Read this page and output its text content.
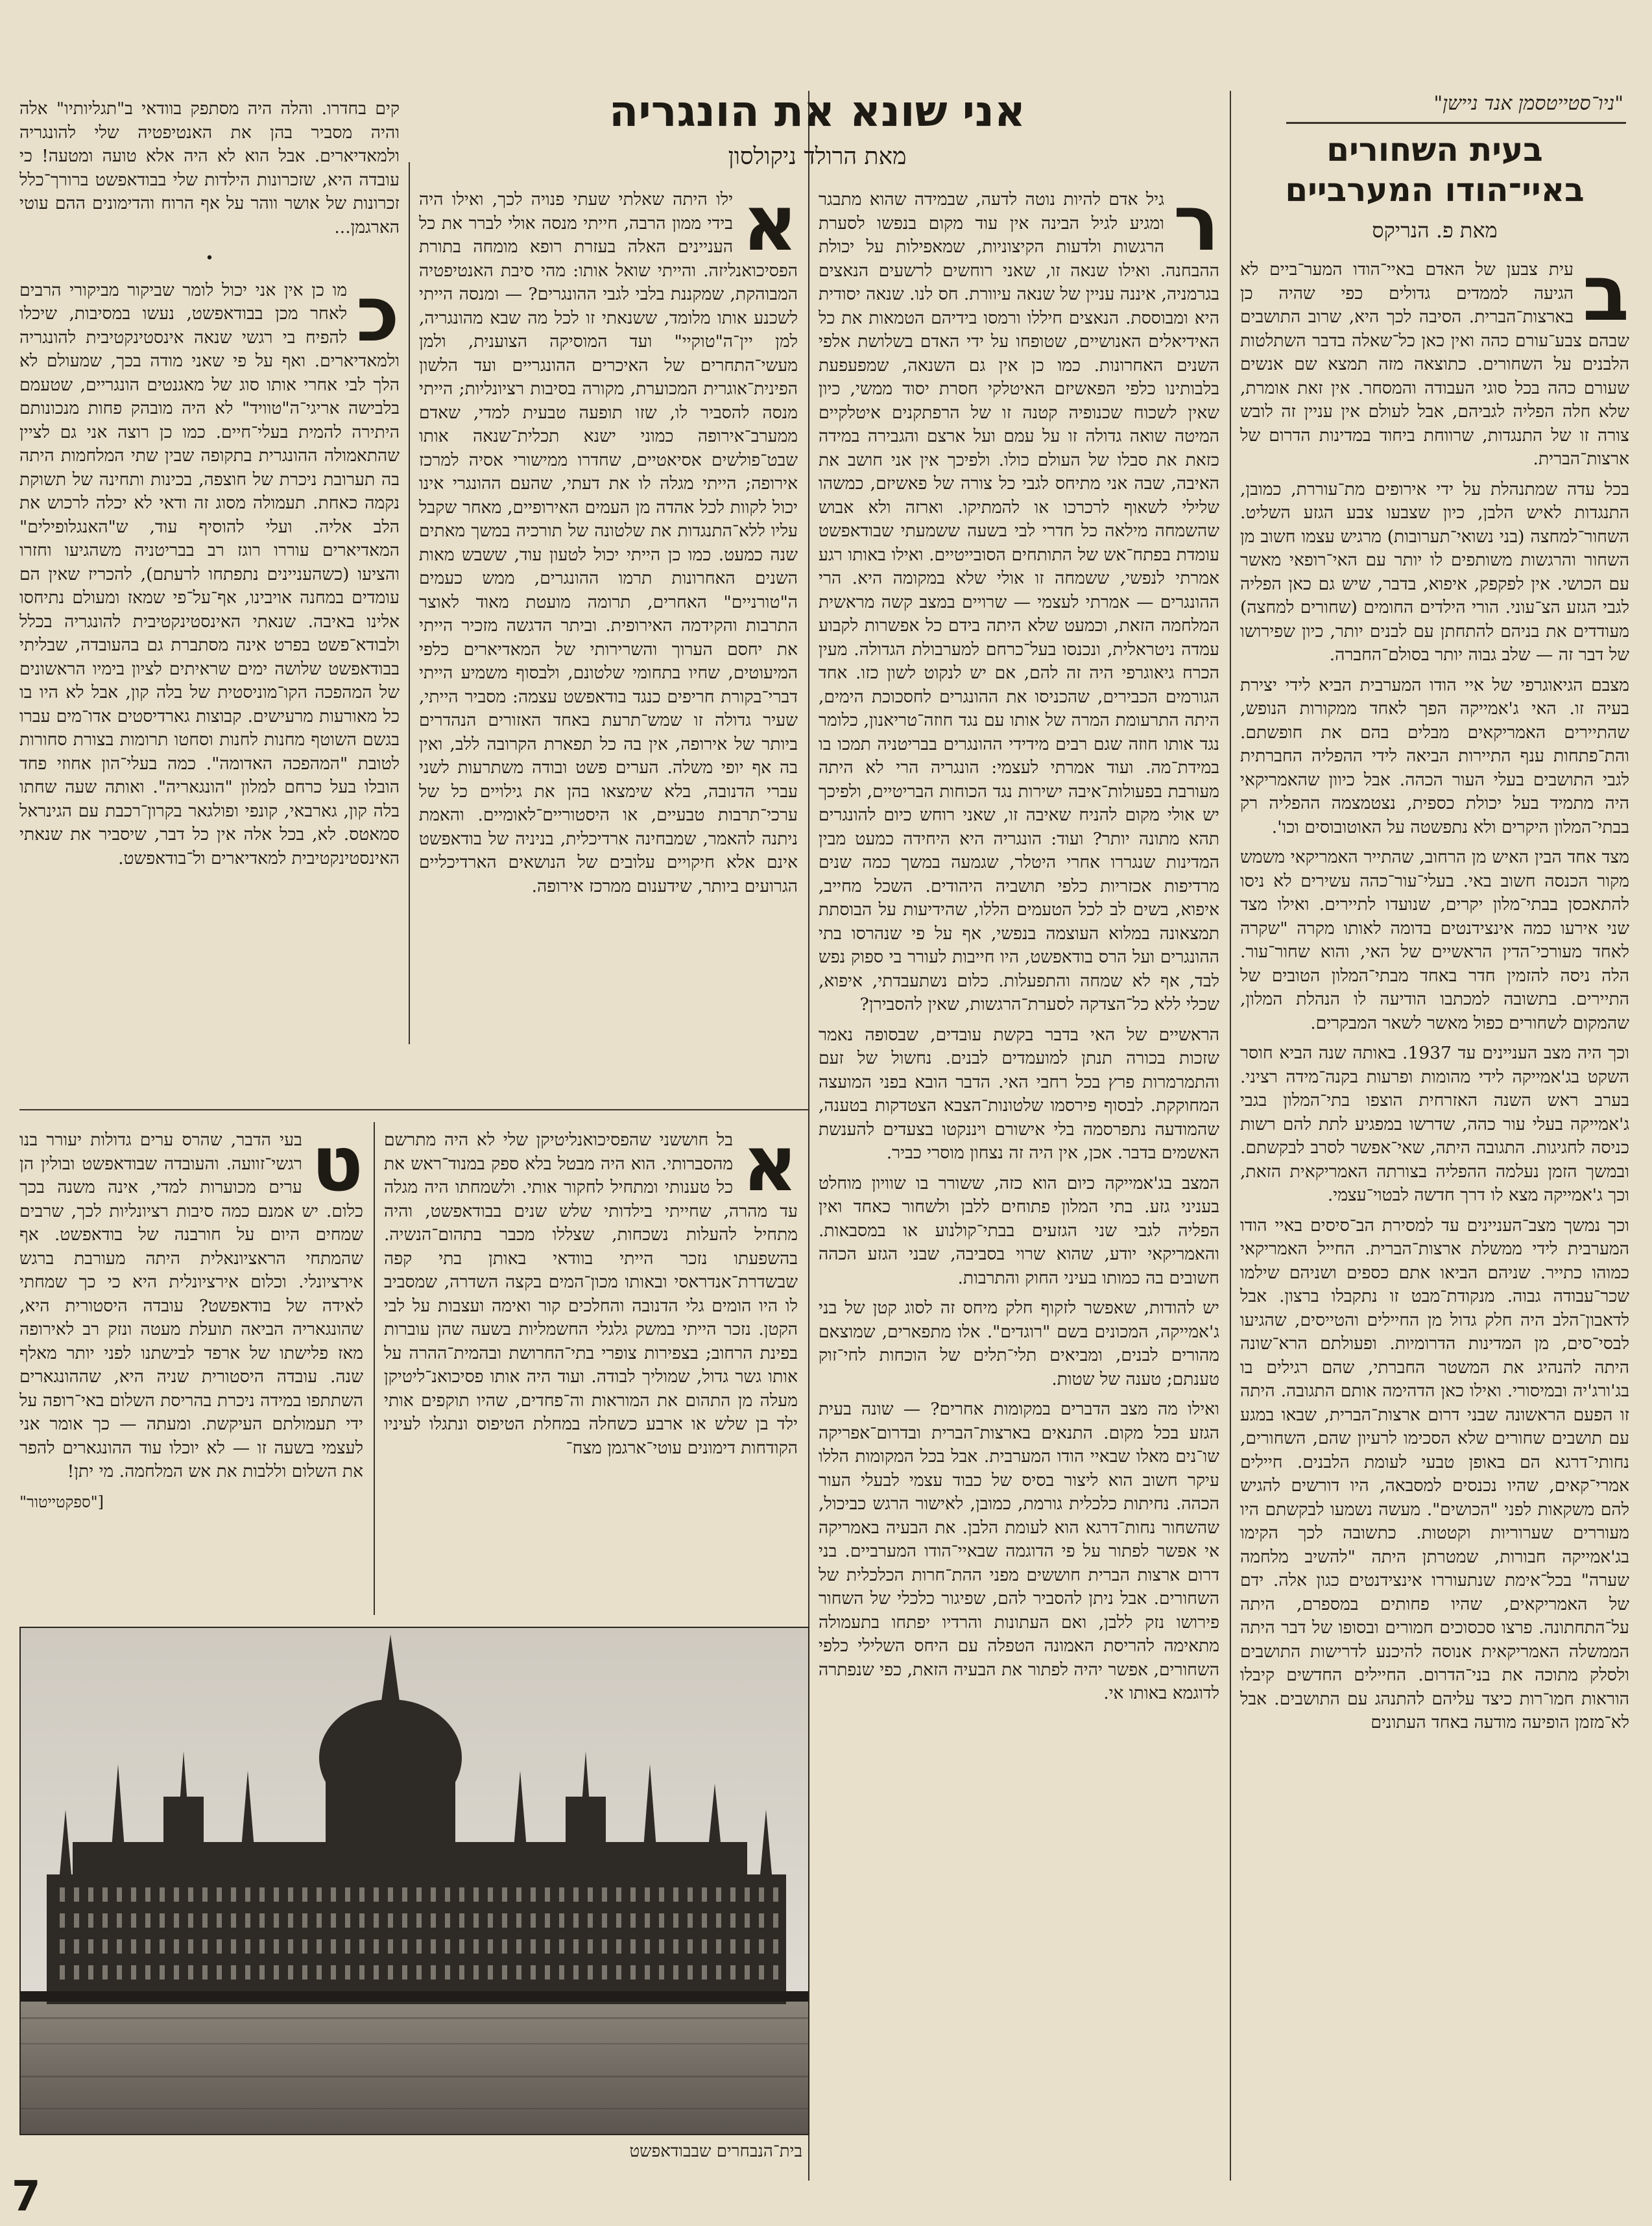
"ניו־סטייטסמן אנד ניישן"
בעית השחורים
באיי־הודו המערביים

מאת פ. הנריקס

ב

עית צבען של האדם באיי־הודו המער־ביים לא הגיעה לממדים גדולים כפי שהיה כן בארצות־הברית. הסיבה לכך היא, שרוב התושבים שבהם צבע־עורם כהה ואין כאן כל־שאלה בדבר השתלטות הלבנים על השחורים. כתוצאה מזה תמצא שם אנשים שעורם כהה בכל סוגי העבודה והמסחר. אין זאת אומרת, שלא חלה הפליה לגביהם, אבל לעולם אין עניין זה לובש צורה זו של התנגדות, שרווחת ביחוד במדינות הדרום של ארצות־הברית.

בכל עדה שמתנהלת על ידי אירופים מת־עוררת, כמובן, התנגדות לאיש הלבן, כיון שצבעו צבע הגזע השליט. השחור־למחצה (בני נשואי־תערובות) מרגיש עצמו חשוב מן השחור והרגשות משותפים לו יותר עם האי־רופאי מאשר עם הכושי. אין לפקפק, איפוא, בדבר, שיש גם כאן הפליה לגבי הגזע הצ־עוני. הורי הילדים החומים (שחורים למחצה) מעודדים את בניהם להתחתן עם לבנים יותר, כיון שפירושו של דבר זה — שלב גבוה יותר בסולם־החברה.

מצבם הגיאוגרפי של איי הודו המערבית הביא לידי יצירת בעיה זו. האי ג'אמייקה הפך לאחד ממקורות הנופש, שהתיירים האמריקאים מבלים בהם את חופשתם. והת־פתחות ענף התיירות הביאה לידי ההפליה החברתית לגבי התושבים בעלי העור הכהה. אבל כיוון שהאמריקאי היה מתמיד בעל יכולת כספית, נצטמצמה ההפליה רק בבתי־המלון היקרים ולא נתפשטה על האוטובוסים וכו'.

מצד אחד הבין האיש מן הרחוב, שהתייר האמריקאי משמש מקור הכנסה חשוב באי. בעלי־עור־כהה עשירים לא ניסו להתאכסן בבתי־מלון יקרים, שנועדו לתיירים. ואילו מצד שני אירעו כמה אינצידנטים בדומה לאותו מקרה "שקרה לאחד מעורכי־הדין הראשיים של האי, והוא שחור־עור. הלה ניסה להזמין חדר באחד מבתי־המלון הטובים של התיירים. בתשובה למכתבו הודיעה לו הנהלת המלון, שהמקום לשחורים כפול מאשר לשאר המבקרים.

וכך היה מצב העניינים עד 1937. באותה שנה הביא חוסר השקט בג'אמייקה לידי מהומות ופרעות בקנה־מידה רציני. בערב ראש השנה האזרחית הוצפו בתי־המלון בגבי ג'אמייקה בעלי עור כהה, שדרשו במפגיע לתת להם רשות כניסה לחגיגות. התגובה היתה, שאי־אפשר לסרב לבקשתם. ובמשך הזמן נעלמה ההפליה בצורתה האמריקאית הזאת, וכך ג'אמייקה מצא לו דרך חדשה לבטוי־עצמי.

וכך נמשך מצב־העניינים עד למסירת הב־סיסים באיי הודו המערבית לידי ממשלת ארצות־הברית. החייל האמריקאי כמוהו כתייר. שניהם הביאו אתם כספים ושניהם שילמו שכר־עבודה גבוה. מנקודת־מבט זו נתקבלו ברצון. אבל לדאבון־הלב היה חלק גדול מן החיילים והטייסים, שהגיעו לבסי־סים, מן המדינות הדרומיות. ופעולתם הרא־שונה היתה להנהיג את המשטר החברתי, שהם רגילים בו בג'ורג'יה ובמיסורי. ואילו כאן הדהימה אותם התגובה. היתה זו הפעם הראשונה שבני דרום ארצות־הברית, שבאו במגע עם תושבים שחורים שלא הסכימו לרעיון שהם, השחורים, נחותי־דרגא הם באופן טבעי לעומת הלבנים. חיילים אמרי־קאים, שהיו נכנסים למסבאה, היו דורשים להגיש להם משקאות לפני "הכושים". מעשה נשמעו לבקשתם היו מעוררים שערוריות וקטטות. כתשובה לכך הקימו בג'אמייקה חבורות, שמטרתן היתה "להשיב מלחמה שערה" בכל־אימת שנתעוררו אינצידנטים כגון אלה. ידם של האמריקאים, שהיו פחותים במספרם, היתה על־התחתונה. פרצו סכסוכים חמורים ובסופו של דבר היתה הממשלה האמריקאית אנוסה להיכנע לדרישות התושבים ולסלק מתוכה את בני־הדרום. החיילים החדשים קיבלו הוראות חמו־רות כיצד עליהם להתנהג עם התושבים. אבל לא־מזמן הופיעה מודעה באחד העתונים

אני שונא את הונגריה

מאת הרולד ניקולסון

ר

גיל אדם להיות נוטה לדעה, שבמידה שהוא מתבגר ומגיע לגיל הבינה אין עוד מקום בנפשו לסערת הרגשות ולדעות הקיצוניות, שמאפילות על יכולת ההבחנה. ואילו שנאה זו, שאני רוחשים לרשעים הנאצים בגרמניה, איננה עניין של שנאה עיוורת. חס לנו. שנאה יסודית היא ומבוססת. הנאצים חיללו ורמסו בידיהם הטמאות את כל האידיאלים האנושיים, שטופחו על ידי האדם בשלושת אלפי השנים האחרונות. כמו כן אין גם השנאה, שמפעפעת בלבותינו כלפי הפאשיזם האיטלקי חסרת יסוד ממשי, כיון שאין לשכוח שכנופיה קטנה זו של הרפתקנים איטלקיים המיטה שואה גדולה זו על עמם ועל ארצם והגבירה במידה כזאת את סבלו של העולם כולו. ולפיכך אין אני חושב את האיבה, שבה אני מתיחס לגבי כל צורה של פאשיזם, כמשהו שלילי לשאוף לרכרכו או להמתיקו. וארזה ולא אבוש שהשמחה מילאה כל חדרי לבי בשעה ששמעתי שבודאפשט עומדת בפתח־אש של התותחים הסובייטיים. ואילו באותו רגע אמרתי לנפשי, ששמחה זו אולי שלא במקומה היא. הרי ההונגרים — אמרתי לעצמי — שרויים במצב קשה מראשית המלחמה הזאת, וכמעט שלא היתה בידם כל אפשרות לקבוע עמדה ניטראלית, ונכנסו בעל־כרחם למערבולת הגדולה. מעין הכרח גיאוגרפי היה זה להם, אם יש לנקוט לשון כזו. אחד הגורמים הכבירים, שהכניסו את ההונגרים לחסכוכת הימים, היתה התרעומת המרה של אותו עם נגד חוזה־טריאנון, כלומר נגד אותו חוזה שגם רבים מידידי ההונגרים בבריטניה תמכו בו במידת־מה. ועוד אמרתי לעצמי: הונגריה הרי לא היתה מעורבת בפעולות־איבה ישירות נגד הכוחות הבריטיים, ולפיכך יש אולי מקום להניח שאיבה זו, שאני רוחש כיום להונגרים תהא מתונה יותר? ועוד: הונגריה היא היחידה כמעט מבין המדינות שנגררו אחרי היטלר, שגמעה במשך כמה שנים מרדיפות אכזריות כלפי תושביה היהודים. השכל מחייב, איפוא, בשים לב לכל הטעמים הללו, שהידיעות על הבוסתת תמצאונה במלוא העוצמה בנפשי, אף על פי שנהרסו בתי ההונגרים ועל הרס בודאפשט, היו חייבות לעורר בי ספוק נפש לבד, אף לא שמחה והתפעלות. כלום נשתעבדתי, איפוא, שכלי ללא כל־הצדקה לסערת־הרגשות, שאין להסבירן?

הראשיים של האי בדבר בקשת עובדים, שבסופה נאמר שזכות בכורה תנתן למועמדים לבנים. נחשול של זעם והתמרמרות פרץ בכל רחבי האי. הדבר הובא בפני המועצה המחוקקת. לבסוף פירסמו שלטונות־הצבא הצטדקות בטענה, שהמודעה נתפרסמה בלי אישורם ויננקטו בצעדים להענשת האשמים בדבר. אכן, אין היה זה נצחון מוסרי כביר.

המצב בג'אמייקה כיום הוא כזה, ששורר בו שוויון מוחלט בעניני גזע. בתי המלון פתוחים ללבן ולשחור כאחד ואין הפליה לגבי שני הגזעים בבתי־קולנוע או במסבאות. והאמריקאי יודע, שהוא שרוי בסביבה, שבני הגזע הכהה חשובים בה כמותו בעיני החוק והתרבות.

יש להודות, שאפשר לזקוף חלק מיחס זה לסוג קטן של בני ג'אמייקה, המכונים בשם "רוגדים". אלו מתפארים, שמוצאם מהורים לבנים, ומביאים תלי־תלים של הוכחות לחי־זוק טענתם; טענה של שטות.

ואילו מה מצב הדברים במקומות אחרים? — שונה בעית הגזע בכל מקום. התנאים בארצות־הברית ובדרום־אפריקה שו־נים מאלו שבאיי הודו המערבית. אבל בכל המקומות הללו עיקר חשוב הוא ליצור בסיס של כבוד עצמי לבעלי העור הכהה. נחיתות כלכלית גורמת, כמובן, לאישור הרגש כביכול, שהשחור נחות־דרגא הוא לעומת הלבן. את הבעיה באמריקה אי אפשר לפתור על פי הדוגמה שבאיי־הודו המערביים. בני דרום ארצות הברית חוששים מפני ההת־חרות הכלכלית של השחורים. אבל ניתן להסביר להם, שפיגור כלכלי של השחור פירושו נזק ללבן, ואם העתונות והרדיו יפתחו בתעמולה מתאימה להריסת האמונה הטפלה עם היחס השלילי כלפי השחורים, אפשר יהיה לפתור את הבעיה הזאת, כפי שנפתרה לדוגמא באותו אי.

א

ילו היתה שאלתי שעתי פנויה לכך, ואילו היה בידי ממון הרבה, חייתי מנסה אולי לברר את כל העניינים האלה בעזרת רופא מומחה בתורת הפסיכואנליזה. והייתי שואל אותו: מהי סיבת האנטיפטיה המבוהקת, שמקננת בלבי לגבי ההונגרים? — ומנסה הייתי לשכנע אותו מלומד, ששנאתי זו לכל מה שבא מהונגריה, למן יין־ה"טוקיי" ועד המוסיקה הצוענית, ולמן מעשי־התחרים של האיכרים ההונגריים ועד הלשון הפינית־אוגרית המכוערת, מקורה בסיבות רציונליות; הייתי מנסה להסביר לו, שזו תופעה טבעית למדי, שאדם ממערב־אירופה כמוני ישנא תכלית־שנאה אותו שבט־פולשים אסיאטיים, שחדרו ממישורי אסיה למרכז אירופה; הייתי מגלה לו את דעתי, שהעם ההונגרי אינו יכול לקוות לכל אהדה מן העמים האירופיים, מאחר שקבל עליו ללא־התנגדות את שלטונה של תורכיה במשך מאתים שנה כמעט. כמו כן הייתי יכול לטעון עוד, ששבש מאות השנים האחרונות תרמו ההונגרים, ממש כעמים ה"טורניים" האחרים, תרומה מועטת מאוד לאוצר התרבות והקידמה האירופית. וביתר הדגשה מזכיר הייתי את יחסם הערוך והשרירותי של המאדיארים כלפי המיעוטים, שחיו בתחומי שלטונם, ולבסוף משמיע הייתי דברי־בקורת חריפים כנגד בודאפשט עצמה: מסביר הייתי, שעיר גדולה זו שמש־תרעת באחד האזורים הנהדרים ביותר של אירופה, אין בה כל תפארת הקרובה ללב, ואין בה אף יופי משלה. הערים פשט ובודה משתרעות לשני עברי הדנובה, בלא שימצאו בהן את גילויים כל של ערכי־תרבות טבעיים, או היסטוריים־לאומיים. והאמת ניתנה להאמר, שמבחינה ארדיכלית, בניניה של בודאפשט אינם אלא חיקויים עלובים של הנושאים הארדיכליים הגרועים ביותר, שידענום ממרכז אירופה.

קים בחדרו. והלה היה מסתפק בוודאי ב"תגליותיו" אלה והיה מסביר בהן את האנטיפטיה שלי להונגריה ולמאדיארים. אבל הוא לא היה אלא טועה ומטעה! כי עובדה היא, שזכרונות הילדות שלי בבודאפשט ברורך־כלל זכרונות של אושר ווהר על אף הרוח והדימונים ההם עוטי הארגמן...

•
כ

מו כן אין אני יכול לומר שביקור מביקורי הרבים לאחר מכן בבודאפשט, נעשו במסיבות, שיכלו להפיח בי רגשי שנאה אינסטינקטיבית להונגריה ולמאדיארים. ואף על פי שאני מודה בכך, שמעולם לא הלך לבי אחרי אותו סוג של מאגנטים הונגריים, שטעמם בלבישה אריגי־ה"טוויד" לא היה מובהק פחות מנכונותם היתירה להמית בעלי־חיים. כמו כן רוצה אני גם לציין שהתאמולה ההונגרית בתקופה שבין שתי המלחמות היתה בה תערובת ניכרת של חוצפה, בכינות ותחינה של תשוקת נקמה כאחת. תעמולה מסוג זה ודאי לא יכלה לרכוש את הלב אליה. ועלי להוסיף עוד, ש"האנגלופילים" המאדיארים עוררו רוגז רב בבריטניה משהגיעו וחזרו והציעו (כשהעניינים נתפתחו לרעתם), להכריז שאין הם עומדים במחנה אויבינו, אף־על־פי שמאז ומעולם נתיחסו אלינו באיבה. שנאתי האינסטינקטיבית להונגריה בכלל ולבודא־פשט בפרט אינה מסתברת גם בהעובדה, שבליתי בבודאפשט שלושה ימים שראיתים לציון בימיו הראשונים של המהפכה הקו־מוניסטית של בלה קון, אבל לא היו בו כל מאורעות מרעישים. קבוצות גארדיסטים אדו־מים עברו בגשם השוטף מחנות לחנות וסחטו תרומות בצורת סחורות לטובת "המהפכה האדומה". כמה בעלי־הון אחוזי פחד הובלו בעל כרחם למלון "הונגאריה". ואותה שעה שחתו בלה קון, גארבאי, קונפי ופולגאר בקרון־רכבת עם הגינראל סמאטס. לא, בכל אלה אין כל דבר, שיסביר את שנאתי האינסטינקטיבית למאדיארים ול־בודאפשט.

א

בל חוששני שהפסיכואנליטיקן שלי לא היה מתרשם מהסברותי. הוא היה מבטל בלא ספק במנוד־ראש את כל טענותי ומתחיל לחקור אותי. ולשמחתו היה מגלה עד מהרה, שחייתי בילדותי שלש שנים בבודאפשט, והיה מתחיל להעלות נשכחות, שצללו מכבר בתהום־הנשיה. בהשפעתו נזכר הייתי בוודאי באותן בתי קפה שבשדרת־אנדראסי ובאותו מכון־המים בקצה השדרה, שמסביב לו היו הומים גלי הדנובה והחלכים קור ואימה ועצבות על לבי הקטן. נזכר הייתי במשק גלגלי החשמליות בשעה שהן עוברות בפינת הרחוב; בצפירות צופרי בתי־החרושת ובהמית־ההרה על אותו גשר גדול, שמוליך לבודה. ועוד היה אותו פסיכואנ־ליטיקן מעלה מן התהום את המוראות וה־פחדים, שהיו תוקפים אותי ילד בן שלש או ארבע כשחלה במחלת הטיפוס ונתגלו לעיניו הקודחות דימונים עוטי־ארגמן מצח־

ט

בעי הדבר, שהרס ערים גדולות יעורר בנו רגשי־זוועה. והעובדה שבודאפשט ובולין הן ערים מכוערות למדי, אינה משנה בכך כלום. יש אמנם כמה סיבות רציונליות לכך, שרבים שמחים היום על חורבנה של בודאפשט. אף שהמתחי הראציונאלית היתה מעורבת ברגש אירציונלי. וכלום אירציונלית היא כי כך שמחתי לאידה של בודאפשט? עובדה היסטורית היא, שהונגאריה הביאה תועלת מעטה ונזק רב לאירופה מאז פלישתו של ארפד לבישתנו לפני יותר מאלף שנה. עובדה היסטורית שניה היא, שההונגארים השתתפו במידה ניכרת בהריסת השלום באי־רופה על ידי תעמולתם העיקשת. ומעתה — כך אומר אני לעצמי בשעה זו — לא יוכלו עוד ההונגארים להפר את השלום וללבות את אש המלחמה. מי יתן!

["ספקטייטור"
בית־הנבחרים שבבודאפשט
7
